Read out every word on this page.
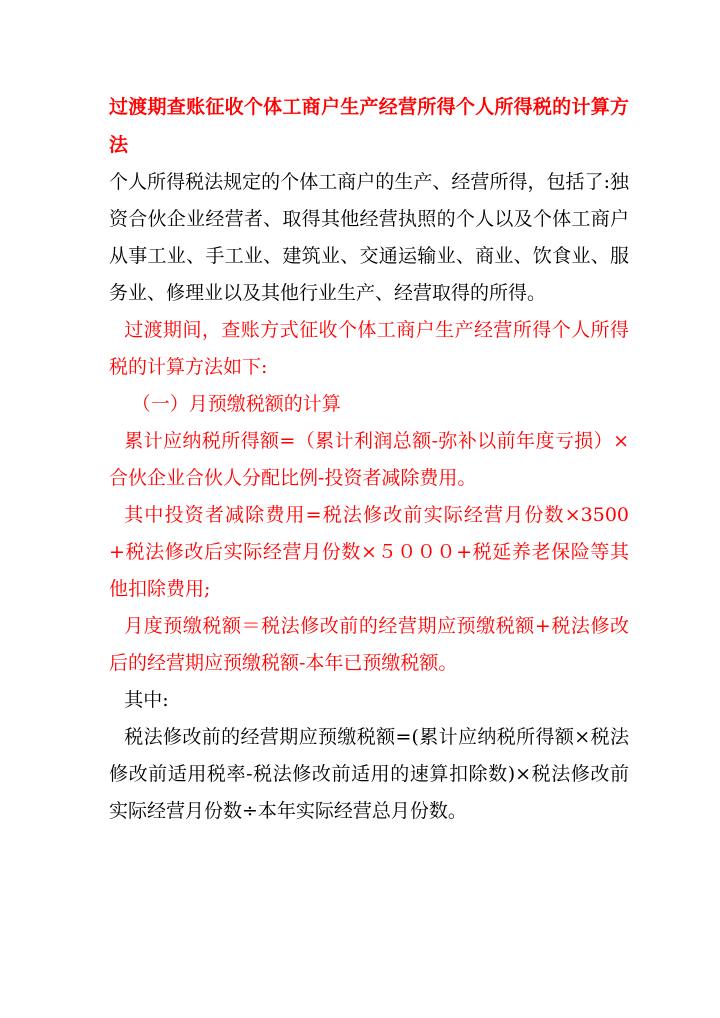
过渡期查账征收个体工商户生产经营所得个人所得税的计算方法

个人所得税法规定的个体工商户的生产、经营所得，包括了:独资合伙企业经营者、取得其他经营执照的个人以及个体工商户从事工业、手工业、建筑业、交通运输业、商业、饮食业、服务业、修理业以及其他行业生产、经营取得的所得。

过渡期间，查账方式征收个体工商户生产经营所得个人所得税的计算方法如下:

（一）月预缴税额的计算

累计应纳税所得额=（累计利润总额-弥补以前年度亏损）×合伙企业合伙人分配比例-投资者减除费用。

其中投资者减除费用=税法修改前实际经营月份数×3500+税法修改后实际经营月份数×５０００+税延养老保险等其他扣除费用;

月度预缴税额＝税法修改前的经营期应预缴税额+税法修改后的经营期应预缴税额-本年已预缴税额。

其中:

税法修改前的经营期应预缴税额=(累计应纳税所得额×税法修改前适用税率-税法修改前适用的速算扣除数)×税法修改前实际经营月份数÷本年实际经营总月份数。
